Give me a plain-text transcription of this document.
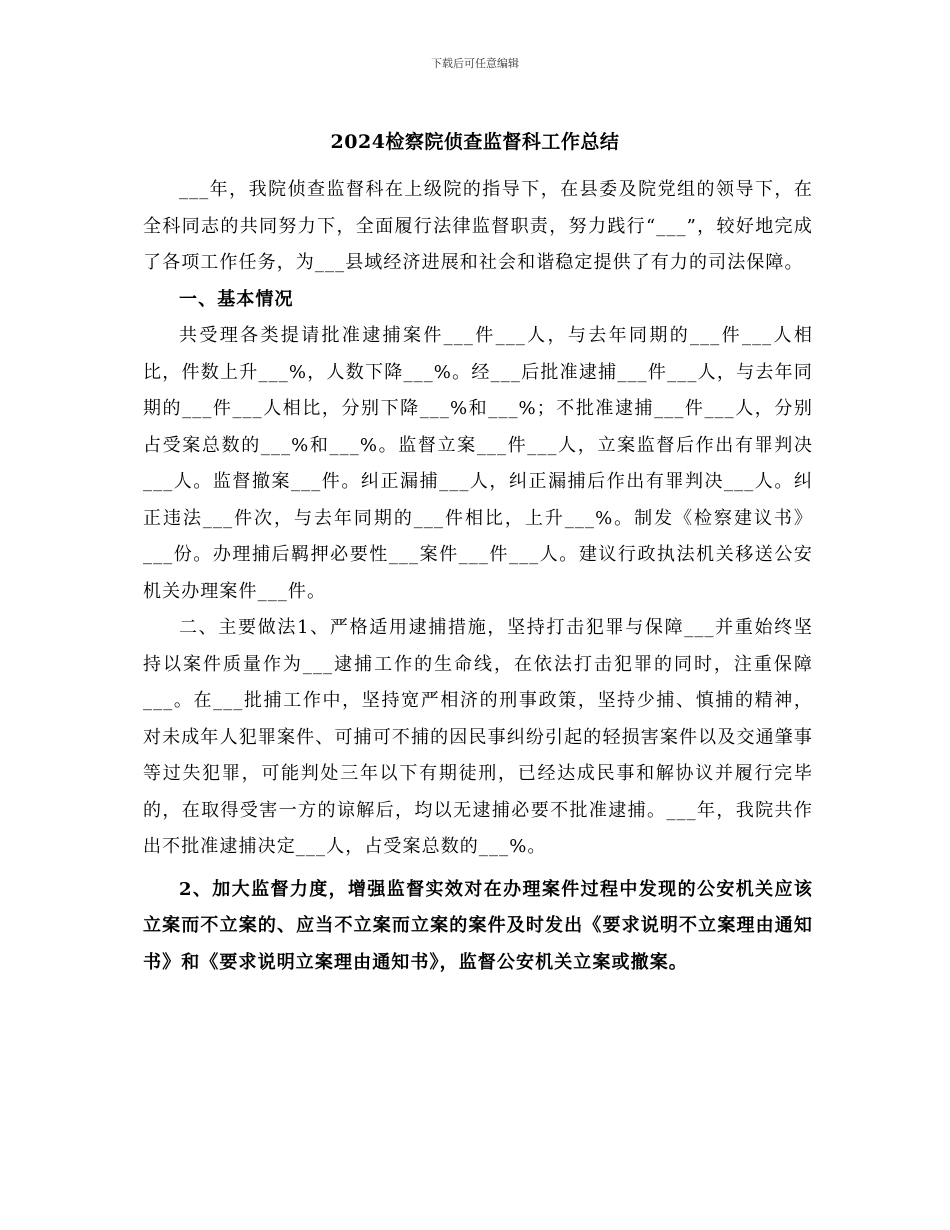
下载后可任意编辑
2024检察院侦查监督科工作总结

___年，我院侦查监督科在上级院的指导下，在县委及院党组的领导下，在全科同志的共同努力下，全面履行法律监督职责，努力践行“___”，较好地完成了各项工作任务，为___县域经济进展和社会和谐稳定提供了有力的司法保障。

一、基本情况

共受理各类提请批准逮捕案件___件___人，与去年同期的___件___人相比，件数上升___%，人数下降___%。经___后批准逮捕___件___人，与去年同期的___件___人相比，分别下降___%和___%；不批准逮捕___件___人，分别占受案总数的___%和___%。监督立案___件___人，立案监督后作出有罪判决___人。监督撤案___件。纠正漏捕___人，纠正漏捕后作出有罪判决___人。纠正违法___件次，与去年同期的___件相比，上升___%。制发《检察建议书》___份。办理捕后羁押必要性___案件___件___人。建议行政执法机关移送公安机关办理案件___件。

二、主要做法1、严格适用逮捕措施，坚持打击犯罪与保障___并重始终坚持以案件质量作为___逮捕工作的生命线，在依法打击犯罪的同时，注重保障___。在___批捕工作中，坚持宽严相济的刑事政策，坚持少捕、慎捕的精神，对未成年人犯罪案件、可捕可不捕的因民事纠纷引起的轻损害案件以及交通肇事等过失犯罪，可能判处三年以下有期徒刑，已经达成民事和解协议并履行完毕的，在取得受害一方的谅解后，均以无逮捕必要不批准逮捕。___年，我院共作出不批准逮捕决定___人，占受案总数的___%。

2、加大监督力度，增强监督实效对在办理案件过程中发现的公安机关应该立案而不立案的、应当不立案而立案的案件及时发出《要求说明不立案理由通知书》和《要求说明立案理由通知书》，监督公安机关立案或撤案。
